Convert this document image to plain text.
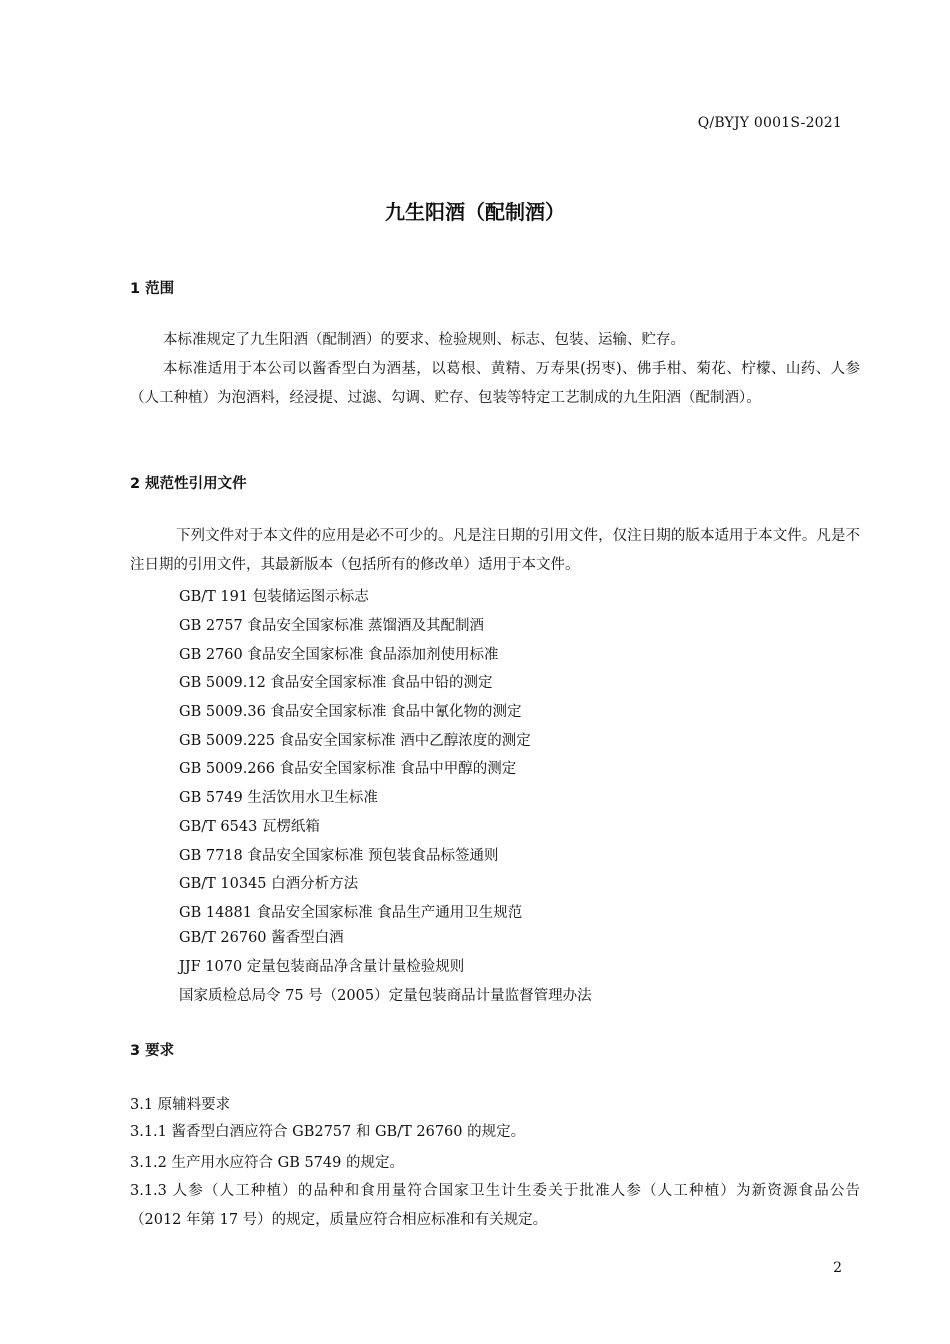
Q/BYJY 0001S-2021
九生阳酒（配制酒）
1 范围

本标准规定了九生阳酒（配制酒）的要求、检验规则、标志、包装、运输、贮存。

本标准适用于本公司以酱香型白为酒基，以葛根、黄精、万寿果(拐枣)、佛手柑、菊花、柠檬、山药、人参（人工种植）为泡酒料，经浸提、过滤、勾调、贮存、包装等特定工艺制成的九生阳酒（配制酒）。

2 规范性引用文件

下列文件对于本文件的应用是必不可少的。凡是注日期的引用文件，仅注日期的版本适用于本文件。凡是不注日期的引用文件，其最新版本（包括所有的修改单）适用于本文件。

GB/T 191 包装储运图示标志
GB 2757 食品安全国家标准 蒸馏酒及其配制酒
GB 2760 食品安全国家标准 食品添加剂使用标准
GB 5009.12 食品安全国家标准 食品中铅的测定
GB 5009.36 食品安全国家标准 食品中氰化物的测定
GB 5009.225 食品安全国家标准 酒中乙醇浓度的测定
GB 5009.266 食品安全国家标准 食品中甲醇的测定
GB 5749 生活饮用水卫生标准
GB/T 6543 瓦楞纸箱
GB 7718 食品安全国家标准 预包装食品标签通则
GB/T 10345 白酒分析方法
GB 14881 食品安全国家标准 食品生产通用卫生规范
GB/T 26760 酱香型白酒
JJF 1070 定量包装商品净含量计量检验规则
国家质检总局令 75 号（2005）定量包装商品计量监督管理办法
3 要求
3.1 原辅料要求
3.1.1 酱香型白酒应符合 GB2757 和 GB/T 26760 的规定。
3.1.2 生产用水应符合 GB 5749 的规定。

3.1.3 人参（人工种植）的品种和食用量符合国家卫生计生委关于批准人参（人工种植）为新资源食品公告（2012 年第 17 号）的规定，质量应符合相应标准和有关规定。

2
